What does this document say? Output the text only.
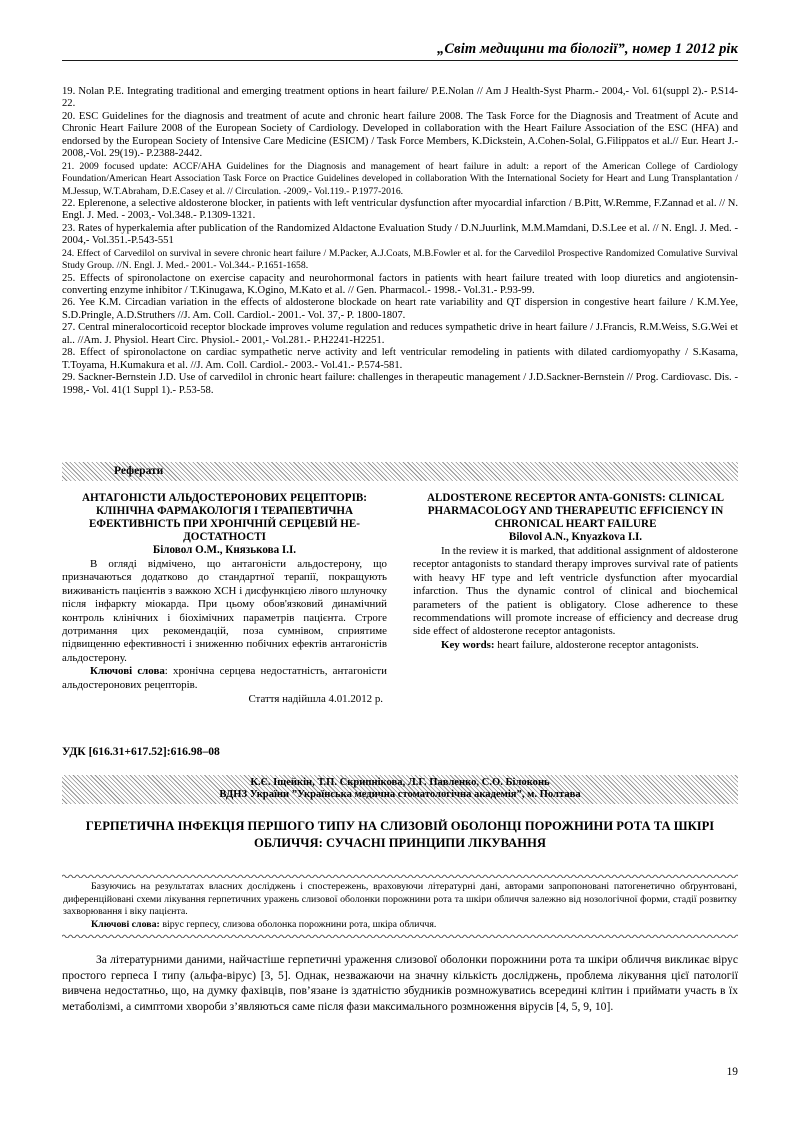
„Світ медицини та біології”, номер 1 2012 рік

19. Nolan P.E. Integrating traditional and emerging treatment options in heart failure/ P.E.Nolan // Am J Health-Syst Pharm.- 2004,- Vol. 61(suppl 2).- P.S14-22.

20. ESC Guidelines for the diagnosis and treatment of acute and chronic heart failure 2008. The Task Force for the Diagnosis and Treatment of Acute and Chronic Heart Failure 2008 of the European Society of Cardiology. Developed in collaboration with the Heart Failure Association of the ESC (HFA) and endorsed by the European Society of Intensive Care Medicine (ESICM) / Task Force Members, K.Dickstein, A.Cohen-Solal, G.Filippatos et al.// Eur. Heart J.- 2008,-Vol. 29(19).- P.2388-2442.

21. 2009 focused update: ACCF/AHA Guidelines for the Diagnosis and management of heart failure in adult: a report of the American College of Cardiology Foundation/American Heart Association Task Force on Practice Guidelines developed in collaboration With the International Society for Heart and Lung Transplantation / M.Jessup, W.T.Abraham, D.E.Casey et al. // Circulation. -2009,- Vol.119.- P.1977-2016.

22. Eplerenone, a selective aldosterone blocker, in patients with left ventricular dysfunction after myocardial infarction / B.Pitt, W.Remme, F.Zannad et al. // N. Engl. J. Med. - 2003,- Vol.348.- P.1309-1321.

23. Rates of hyperkalemia after publication of the Randomized Aldactone Evaluation Study / D.N.Juurlink, M.M.Mamdani, D.S.Lee et al. // N. Engl. J. Med. - 2004,- Vol.351.-P.543-551

24. Effect of Carvedilol on survival in severe chronic heart failure / M.Packer, A.J.Coats, M.B.Fowler et al. for the Carvedilol Prospective Randomized Comulative Survival Study Group. //N. Engl. J. Med.- 2001.- Vol.344.- P.1651-1658.

25. Effects of spironolactone on exercise capacity and neurohormonal factors in patients with heart failure treated with loop diuretics and angiotensin-converting enzyme inhibitor / T.Kinugawa, K.Ogino, M.Kato et al. // Gen. Pharmacol.- 1998.- Vol.31.- P.93-99.

26. Yee K.M. Circadian variation in the effects of aldosterone blockade on heart rate variability and QT dispersion in congestive heart failure / K.M.Yee, S.D.Pringle, A.D.Struthers //J. Am. Coll. Cardiol.- 2001.- Vol. 37,- P. 1800-1807.

27. Central mineralocorticoid receptor blockade improves volume regulation and reduces sympathetic drive in heart failure / J.Francis, R.M.Weiss, S.G.Wei et al.. //Am. J. Physiol. Heart Circ. Physiol.- 2001,- Vol.281.- P.H2241-H2251.

28. Effect of spironolactone on cardiac sympathetic nerve activity and left ventricular remodeling in patients with dilated cardiomyopathy / S.Kasama, T.Toyama, H.Kumakura et al. //J. Am. Coll. Cardiol.- 2003.- Vol.41.- P.574-581.

29. Sackner-Bernstein J.D. Use of carvedilol in chronic heart failure: challenges in therapeutic management / J.D.Sackner-Bernstein // Prog. Cardiovasc. Dis. - 1998,- Vol. 41(1 Suppl 1).- P.53-58.

Реферати

АНТАГОНІСТИ АЛЬДОСТЕРОНОВИХ РЕЦЕПТОРІВ: КЛІНІЧНА ФАРМАКОЛОГІЯ І ТЕРАПЕВТИЧНА ЕФЕКТИВНІСТЬ ПРИ ХРОНІЧНІЙ СЕРЦЕВІЙ НЕ-ДОСТАТНОСТІ

Біловол О.М., Князькова І.І.

В огляді відмічено, що антагоністи альдостерону, що призначаються додатково до стандартної терапії, покращують виживаність пацієнтів з важкою ХСН і дисфункцією лівого шлуночку після інфаркту міокарда. При цьому обов'язковий динамічний контроль клінічних і біохімічних параметрів пацієнта. Строге дотримання цих рекомендацій, поза сумнівом, сприятиме підвищенню ефективності і зниженню побічних ефектів антагоністів альдостерону.

Ключові слова: хронічна серцева недостатність, антагоністи альдостеронових рецепторів.

Стаття надійшла 4.01.2012 р.

ALDOSTERONE RECEPTOR ANTA-GONISTS: CLINICAL PHARMACOLOGY AND THERAPEUTIC EFFICIENCY IN CHRONICAL HEART FAILURE

Bilovol A.N., Knyazkova I.I.

In the review it is marked, that additional assignment of aldosterone receptor antagonists to standard therapy improves survival rate of patients with heavy HF type and left ventricle dysfunction after myocardial infarction. Thus the dynamic control of clinical and biochemical parameters of the patient is obligatory. Close adherence to these recommendations will promote increase of efficiency and decrease drug side effect of aldosterone receptor antagonists.

Key words: heart failure, aldosterone receptor antagonists.

УДК [616.31+617.52]:616.98–08
К.Є. Іщейкін, Т.П. Скрипнікова, Л.Г. Павленко, С.О. Білоконь
ВДНЗ України ”Українська медична стоматологічна академія”, м. Полтава
ГЕРПЕТИЧНА ІНФЕКЦІЯ ПЕРШОГО ТИПУ НА СЛИЗОВІЙ ОБОЛОНЦІ ПОРОЖНИНИ РОТА ТА ШКІРІ ОБЛИЧЧЯ: СУЧАСНІ ПРИНЦИПИ ЛІКУВАННЯ

Базуючись на результатах власних досліджень і спостережень, враховуючи літературні дані, авторами запропоновані патогенетично обґрунтовані, диференційовані схеми лікування герпетичних уражень слизової оболонки порожнини рота та шкіри обличчя залежно від нозологічної форми, стадії розвитку захворювання і віку пацієнта.

Ключові слова: вірус герпесу, слизова оболонка порожнини рота, шкіра обличчя.

За літературними даними, найчастіше герпетичні ураження слизової оболонки порожнини рота та шкіри обличчя викликає вірус простого герпеса І типу (альфа-вірус) [3, 5]. Однак, незважаючи на значну кількість досліджень, проблема лікування цієї патології вивчена недостатньо, що, на думку фахівців, пов’язане із здатністю збудників розмножуватись всередині клітин і приймати участь в їх метаболізмі, а симптоми хвороби з’являються саме після фази максимального розмноження вірусів [4, 5, 9, 10].

19
